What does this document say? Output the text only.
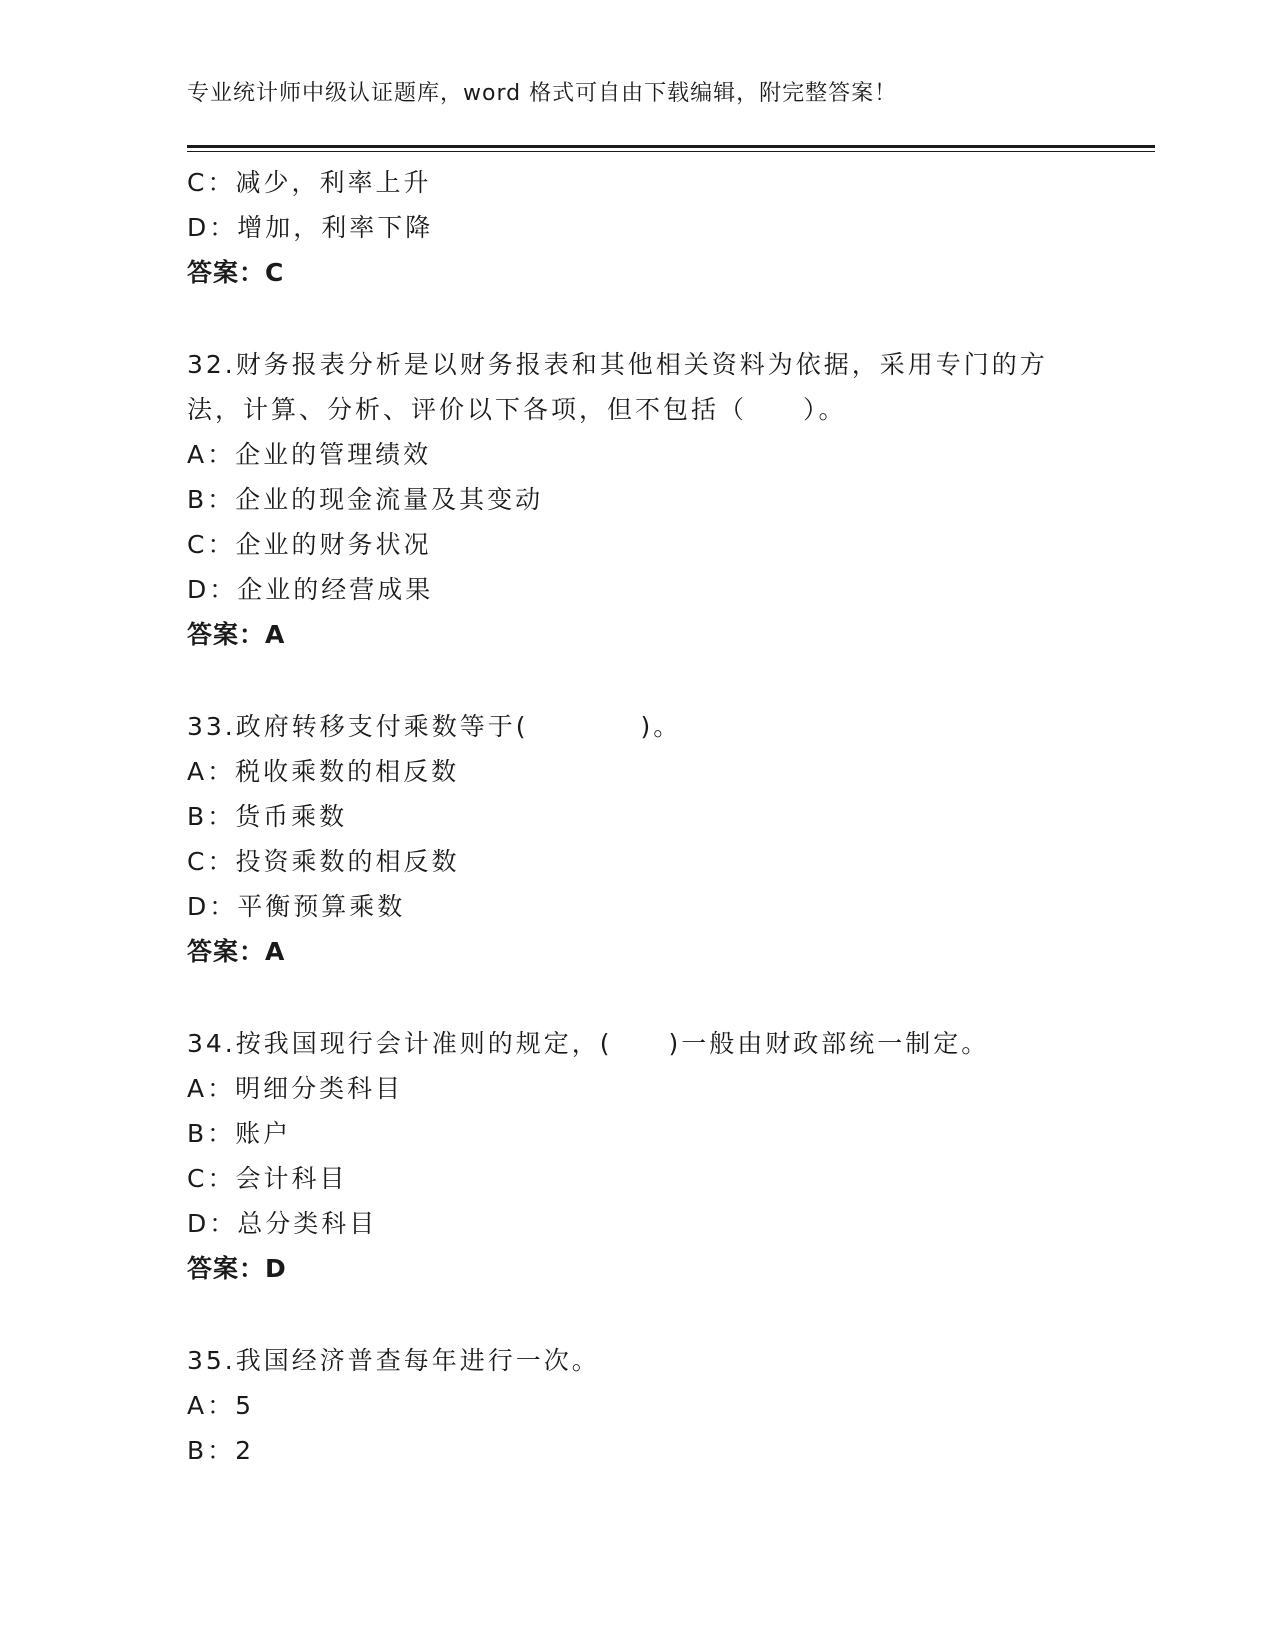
专业统计师中级认证题库，word 格式可自由下载编辑，附完整答案！
C：减少，利率上升
D：增加，利率下降
答案：C
32.财务报表分析是以财务报表和其他相关资料为依据，采用专门的方
法，计算、分析、评价以下各项，但不包括（　　）。
A：企业的管理绩效
B：企业的现金流量及其变动
C：企业的财务状况
D：企业的经营成果
答案：A
33.政府转移支付乘数等于(　　　　)。
A：税收乘数的相反数
B：货币乘数
C：投资乘数的相反数
D：平衡预算乘数
答案：A
34.按我国现行会计准则的规定，(　　)一般由财政部统一制定。
A：明细分类科目
B：账户
C：会计科目
D：总分类科目
答案：D
35.我国经济普查每年进行一次。
A：5
B：2
